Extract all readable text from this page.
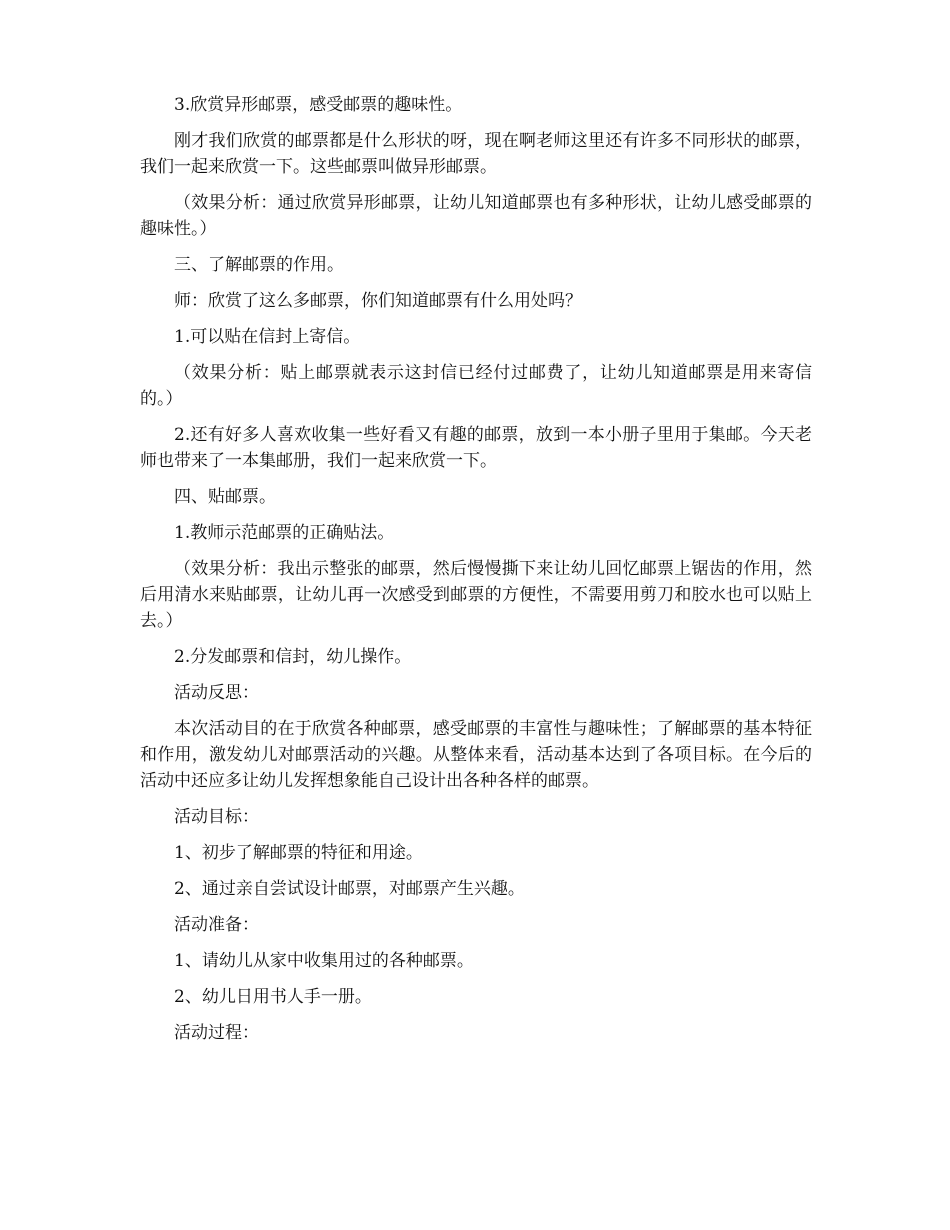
3.欣赏异形邮票，感受邮票的趣味性。

刚才我们欣赏的邮票都是什么形状的呀，现在啊老师这里还有许多不同形状的邮票，我们一起来欣赏一下。这些邮票叫做异形邮票。

（效果分析：通过欣赏异形邮票，让幼儿知道邮票也有多种形状，让幼儿感受邮票的趣味性。）

三、了解邮票的作用。

师：欣赏了这么多邮票，你们知道邮票有什么用处吗？

1.可以贴在信封上寄信。

（效果分析：贴上邮票就表示这封信已经付过邮费了，让幼儿知道邮票是用来寄信的。）

2.还有好多人喜欢收集一些好看又有趣的邮票，放到一本小册子里用于集邮。今天老师也带来了一本集邮册，我们一起来欣赏一下。

四、贴邮票。

1.教师示范邮票的正确贴法。

（效果分析：我出示整张的邮票，然后慢慢撕下来让幼儿回忆邮票上锯齿的作用，然后用清水来贴邮票，让幼儿再一次感受到邮票的方便性，不需要用剪刀和胶水也可以贴上去。）

2.分发邮票和信封，幼儿操作。

活动反思：

本次活动目的在于欣赏各种邮票，感受邮票的丰富性与趣味性；了解邮票的基本特征和作用，激发幼儿对邮票活动的兴趣。从整体来看，活动基本达到了各项目标。在今后的活动中还应多让幼儿发挥想象能自己设计出各种各样的邮票。

活动目标：

1、初步了解邮票的特征和用途。

2、通过亲自尝试设计邮票，对邮票产生兴趣。

活动准备：

1、请幼儿从家中收集用过的各种邮票。

2、幼儿日用书人手一册。

活动过程：
